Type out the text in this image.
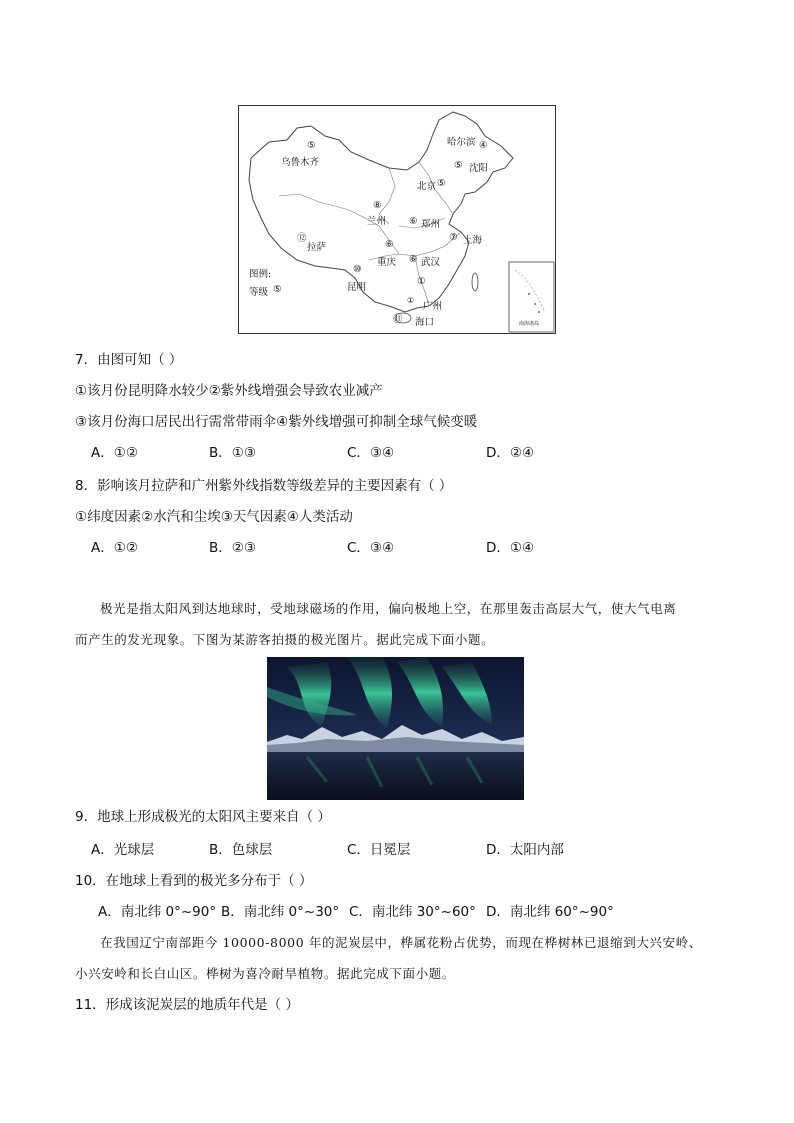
⑤
乌鲁木齐
哈尔滨 ④
⑤ 沈阳
北京 ⑤
⑧
兰州 ⑥ 郑州
⑦ 上海
⑫
拉萨	⑥
重庆 ⑥ 武汉
⑩
昆明
①
广州
⑪ 海口
①
图例:
等级 ⑤
南海诸岛
7．由图可知（ ）
①该月份昆明降水较少②紫外线增强会导致农业减产
③该月份海口居民出行需常带雨伞④紫外线增强可抑制全球气候变暖
A．①②	B．①③	C．③④	D．②④
8．影响该月拉萨和广州紫外线指数等级差异的主要因素有（ ）
①纬度因素②水汽和尘埃③天气因素④人类活动
A．①②	B．②③	C．③④	D．①④
极光是指太阳风到达地球时，受地球磁场的作用，偏向极地上空，在那里轰击高层大气，使大气电离
而产生的发光现象。下图为某游客拍摄的极光图片。据此完成下面小题。
9．地球上形成极光的太阳风主要来自（ ）
A．光球层	B．色球层	C．日冕层	D．太阳内部
10．在地球上看到的极光多分布于（ ）
A．南北纬 0°~90° B．南北纬 0°~30° C．南北纬 30°~60° D．南北纬 60°~90°
在我国辽宁南部距今 10000-8000 年的泥炭层中，桦属花粉占优势，而现在桦树林已退缩到大兴安岭、
小兴安岭和长白山区。桦树为喜冷耐旱植物。据此完成下面小题。
11．形成该泥炭层的地质年代是（ ）
